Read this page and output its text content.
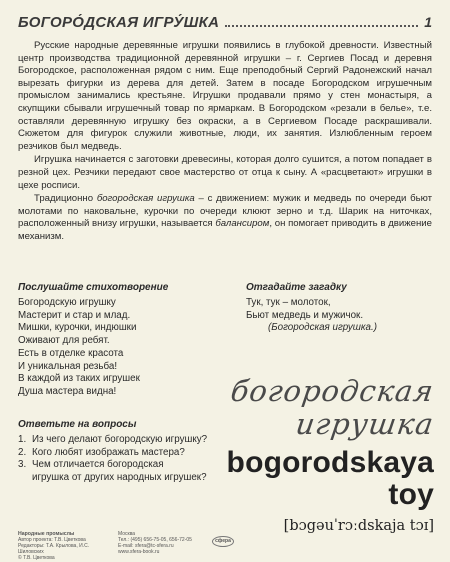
БОГОРО́ДСКАЯ ИГРУ́ШКА	1

Русские народные деревянные игрушки появились в глубокой древности. Известный центр производства традиционной деревянной игрушки – г. Сергиев Посад и деревня Богородское, расположенная рядом с ним. Еще преподобный Сергий Радонежский начал вырезать фигурки из дерева для детей. Затем в посаде Богородском игрушечным промыслом занимались крестьяне. Игрушки продавали прямо у стен монастыря, а скупщики сбывали игрушечный товар по ярмаркам. В Богородском «резали в белье», т.е. оставляли деревянную игрушку без окраски, а в Сергиевом Посаде раскрашивали. Сюжетом для фигурок служили животные, люди, их занятия. Излюбленным героем резчиков был медведь.

Игрушка начинается с заготовки древесины, которая долго сушится, а потом попадает в резной цех. Резчики передают свое мастерство от отца к сыну. А «расцветают» игрушки в цехе росписи.

Традиционно богородская игрушка – с движением: мужик и медведь по очереди бьют молотами по наковальне, курочки по очереди клюют зерно и т.д. Шарик на ниточках, расположенный внизу игрушки, называется балансиром, он помогает приводить в движение механизм.

Послушайте стихотворение
Богородскую игрушку
Мастерит и стар и млад.
Мишки, курочки, индюшки
Оживают для ребят.
Есть в отделке красота
И уникальная резьба!
В каждой из таких игрушек
Душа мастера видна!
Отгадайте загадку
Тук, тук – молоток,
Бьют медведь и мужичок.
(Богородская игрушка.)
Ответьте на вопросы
1. Из чего делают богородскую игрушку?
2. Кого любят изображать мастера?
3. Чем отличается богородская
игрушка от других народных игрушек?
богородская
игрушка
bogorodskaya
toy
[bɔgəuˈrɔːdskaja tɔɪ]
Народные промыслы
Автор проекта: Т.В. Цветкова
Редакторы: Т.А. Крылова, И.С. Шиловских
© Т.В. Цветкова
Москва
Тел.: (495) 656-75-05, 656-72-05
E-mail: sfera@tc-sfera.ru
www.sfera-book.ru
сфера
